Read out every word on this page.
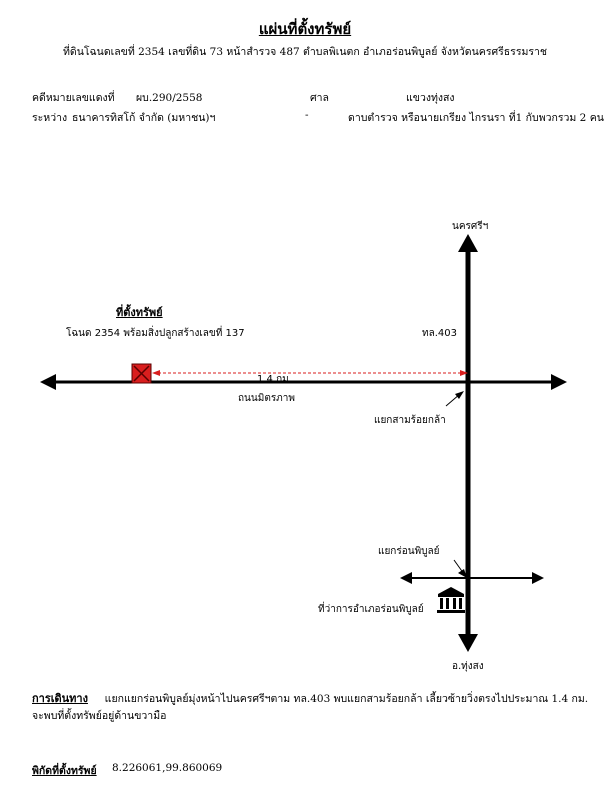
แผ่นที่ตั้งทรัพย์
ที่ดินโฉนดเลขที่ 2354 เลขที่ดิน 73 หน้าสำรวจ 487 ตำบลพิเนตก อำเภอร่อนพิบูลย์ จังหวัดนครศรีธรรมราช
คดีหมายเลขแดงที่ ผบ.290/2558	ศาล	แขวงทุ่งสง
ระหว่าง ธนาคารทิสโก้ จำกัด (มหาชน)ฯ	-	ดาบตำรวจ หรือนายเกรียง ไกรนรา ที่1 กับพวกรวม 2 คน
นครศรีฯ
ที่ตั้งทรัพย์
โฉนด 2354 พร้อมสิ่งปลูกสร้างเลขที่ 137	ทล.403
1.4 กม.
ถนนมิตรภาพ
แยกสามร้อยกล้า
แยกร่อนพิบูลย์
ที่ว่าการอำเภอร่อนพิบูลย์
อ.ทุ่งสง
การเดินทาง แยกแยกร่อนพิบูลย์มุ่งหน้าไปนครศรีฯตาม ทล.403 พบแยกสามร้อยกล้า เลี้ยวซ้ายวิ่งตรงไปประมาณ 1.4 กม. จะพบที่ตั้งทรัพย์อยู่ด้านขวามือ
พิกัดที่ตั้งทรัพย์ 8.226061,99.860069
